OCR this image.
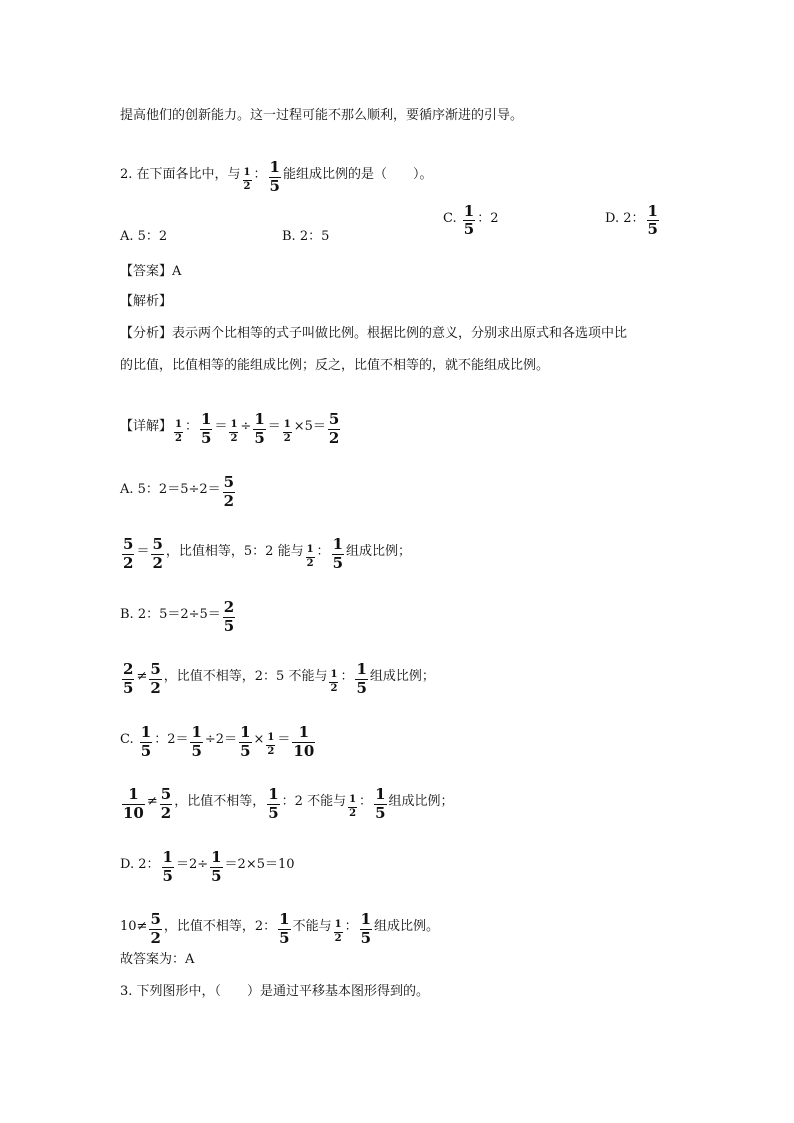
提高他们的创新能力。这一过程可能不那么顺利，要循序渐进的引导。
2. 在下面各比中，与 $\frac{1}{2}$ ： $\frac{1}{5}$ 能组成比例的是（　　）。
A. 5：2	B. 2：5
C. $\frac{1}{5}$ ：2	D. 2： $\frac{1}{5}$
【答案】A
【解析】
【分析】表示两个比相等的式子叫做比例。根据比例的意义，分别求出原式和各选项中比
的比值，比值相等的能组成比例；反之，比值不相等的，就不能组成比例。
【详解】 $\frac{1}{2}$ ： $\frac{1}{5} = \frac{1}{2} \div \frac{1}{5} = \frac{1}{2} \times 5= \frac{5}{2}$
A. 5：$2=5\div 2= \frac{5}{2}$
$\frac{5}{2} = \frac{5}{2}$ ，比值相等，5：2 能与 $\frac{1}{2}$ ： $\frac{1}{5}$ 组成比例；
B. 2：$5=2\div 5= \frac{2}{5}$
$\frac{2}{5} \ne \frac{5}{2}$ ，比值不相等，2：5 不能与 $\frac{1}{2}$ ： $\frac{1}{5}$ 组成比例；
C. $\frac{1}{5}$ ：$2= \frac{1}{5} \div 2= \frac{1}{5} \times \frac{1}{2} = \frac{1}{10}$
$\frac{1}{10} \ne \frac{5}{2}$ ，比值不相等， $\frac{1}{5}$ ：2 不能与 $\frac{1}{2}$ ： $\frac{1}{5}$ 组成比例；
D. 2： $\frac{1}{5} =2\div \frac{1}{5} =2\times 5=10$
$10 \ne \frac{5}{2}$ ，比值不相等，2： $\frac{1}{5}$ 不能与 $\frac{1}{2}$ ： $\frac{1}{5}$ 组成比例。
故答案为：A
3. 下列图形中，（　　）是通过平移基本图形得到的。
